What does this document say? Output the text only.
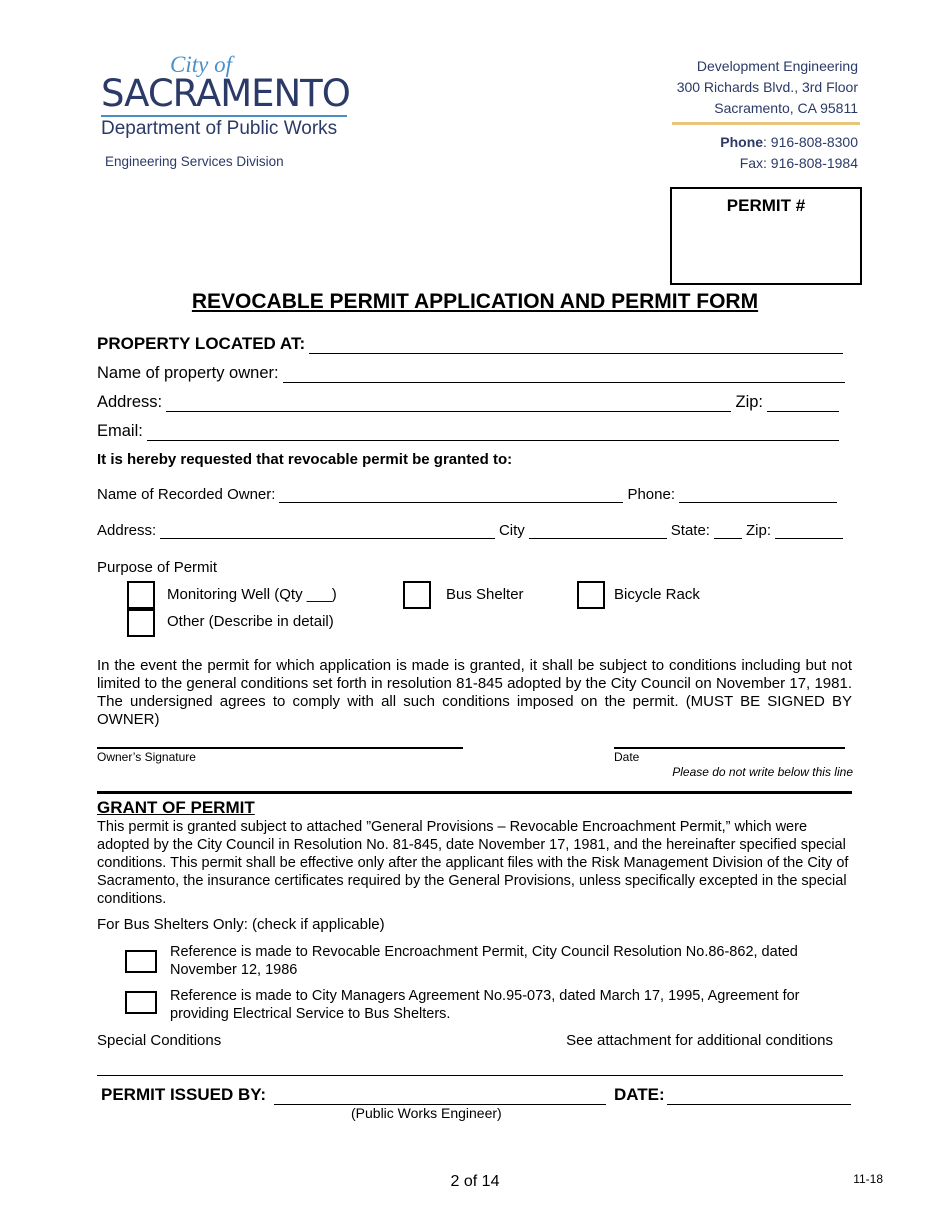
City of
SACRAMENTO
Department of Public Works
Engineering Services Division
Development Engineering
300 Richards Blvd., 3rd Floor
Sacramento, CA 95811
Phone: 916-808-8300
Fax: 916-808-1984
PERMIT #
REVOCABLE PERMIT APPLICATION AND PERMIT FORM
PROPERTY LOCATED AT:
Name of property owner:
Address:	Zip:
Email:
It is hereby requested that revocable permit be granted to:
Name of Recorded Owner:	Phone:
Address:	City	State: Zip:
Purpose of Permit
Monitoring Well (Qty ___)	Bus Shelter	Bicycle Rack
Other (Describe in detail)
In the event the permit for which application is made is granted, it shall be subject to conditions including but not limited to the general conditions set forth in resolution 81-845 adopted by the City Council on November 17, 1981. The undersigned agrees to comply with all such conditions imposed on the permit. (MUST BE SIGNED BY OWNER)
Owner’s Signature	Date
Please do not write below this line
GRANT OF PERMIT
This permit is granted subject to attached ”General Provisions – Revocable Encroachment Permit,” which were adopted by the City Council in Resolution No. 81-845, date November 17, 1981, and the hereinafter specified special conditions. This permit shall be effective only after the applicant files with the Risk Management Division of the City of Sacramento, the insurance certificates required by the General Provisions, unless specifically excepted in the special conditions.
For Bus Shelters Only: (check if applicable)
Reference is made to Revocable Encroachment Permit, City Council Resolution No.86-862, dated November 12, 1986
Reference is made to City Managers Agreement No.95-073, dated March 17, 1995, Agreement for providing Electrical Service to Bus Shelters.
Special Conditions	See attachment for additional conditions
PERMIT ISSUED BY:	DATE:
(Public Works Engineer)
2 of 14	11-18
